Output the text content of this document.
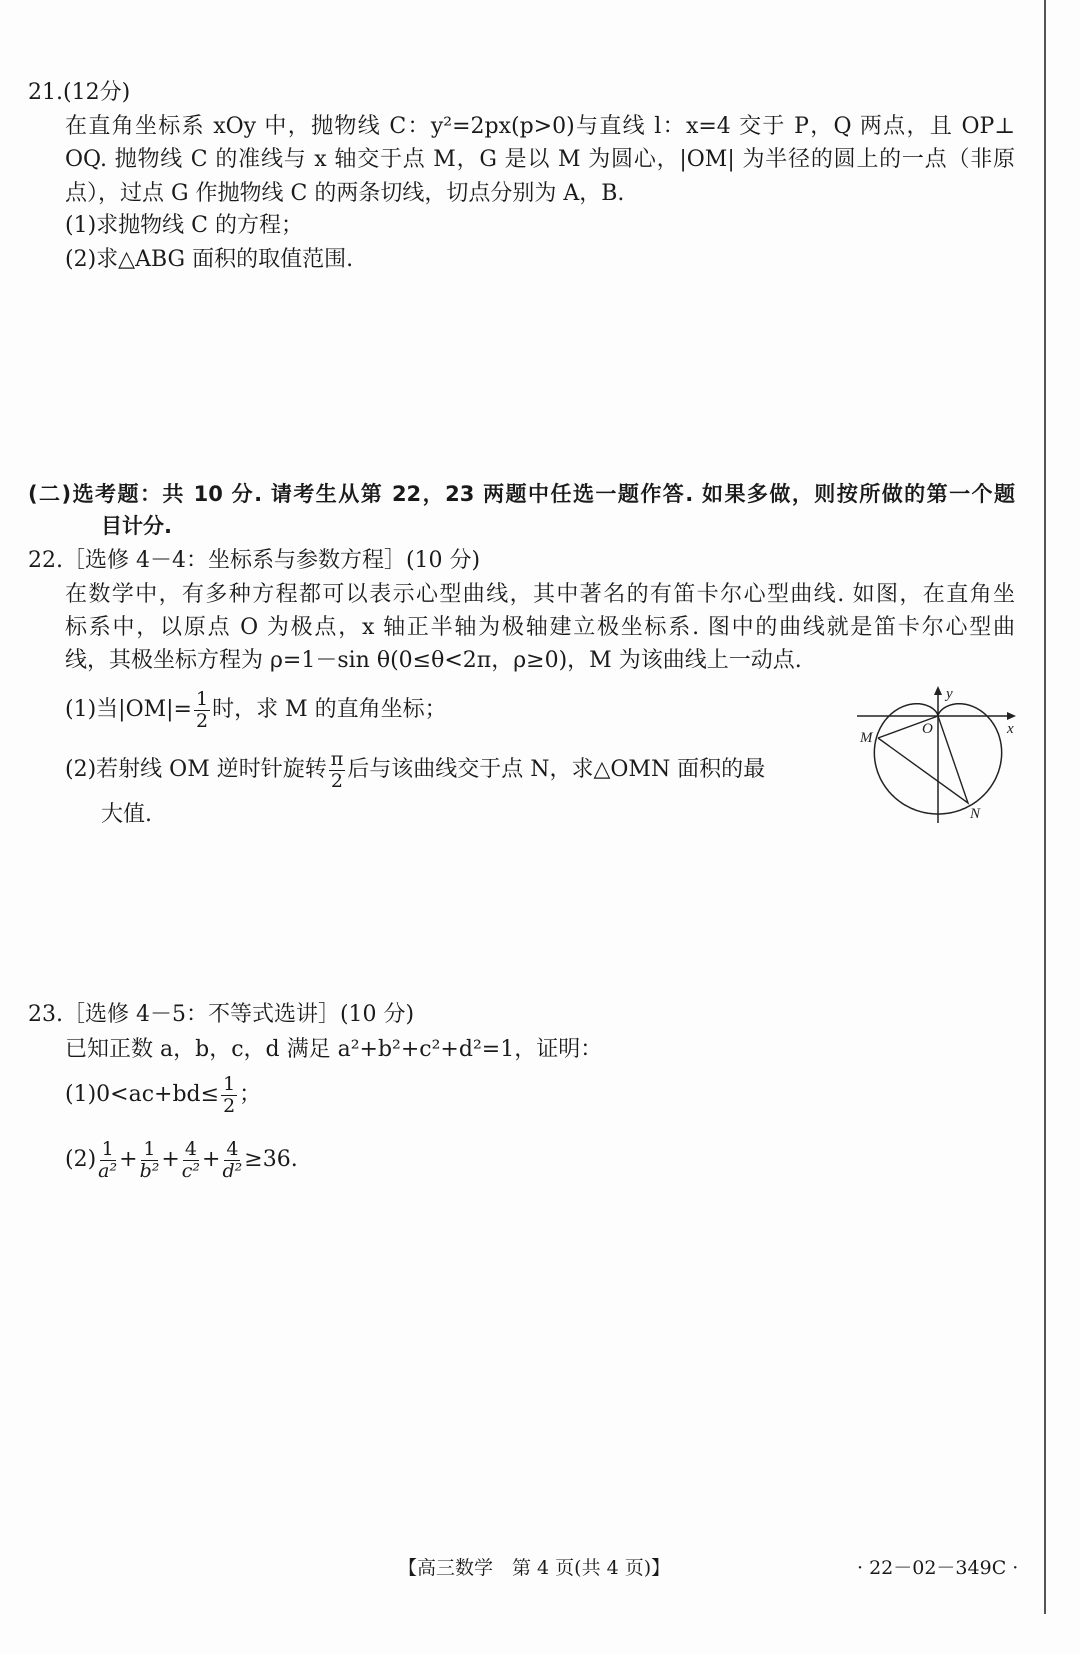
21.(12分)
在直角坐标系 xOy 中，抛物线 C：y²=2px(p>0)与直线 l：x=4 交于 P，Q 两点，且 OP⊥
OQ. 抛物线 C 的准线与 x 轴交于点 M，G 是以 M 为圆心，|OM| 为半径的圆上的一点（非原
点），过点 G 作抛物线 C 的两条切线，切点分别为 A，B.
(1)求抛物线 C 的方程；
(2)求△ABG 面积的取值范围.
(二)选考题：共 10 分. 请考生从第 22，23 两题中任选一题作答. 如果多做，则按所做的第一个题
目计分.
22.［选修 4－4：坐标系与参数方程］(10 分)
在数学中，有多种方程都可以表示心型曲线，其中著名的有笛卡尔心型曲线. 如图，在直角坐
标系中，以原点 O 为极点，x 轴正半轴为极轴建立极坐标系. 图中的曲线就是笛卡尔心型曲
线，其极坐标方程为 ρ=1－sin θ(0≤θ<2π，ρ≥0)，M 为该曲线上一动点.
(1)当$|OM|= \frac{1}{2}$ 时，求 M 的直角坐标；
(2)若射线 OM 逆时针旋转 $\frac{\pi}{2}$ 后与该曲线交于点 N，求△OMN 面积的最
大值.
y
x
O
M
N
23.［选修 4－5：不等式选讲］(10 分)
已知正数 a，b，c，d 满足 a²+b²+c²+d²=1，证明：
$(1)0<ac+bd\le \frac{1}{2}$ ；
$(2) \frac{1}{\text{a²}} + \frac{1}{\text{b²}} + \frac{4}{\text{c²}} + \frac{4}{\text{d²}} \ge 36$.
【高三数学　第 4 页(共 4 页)】	· 22－02－349C ·
